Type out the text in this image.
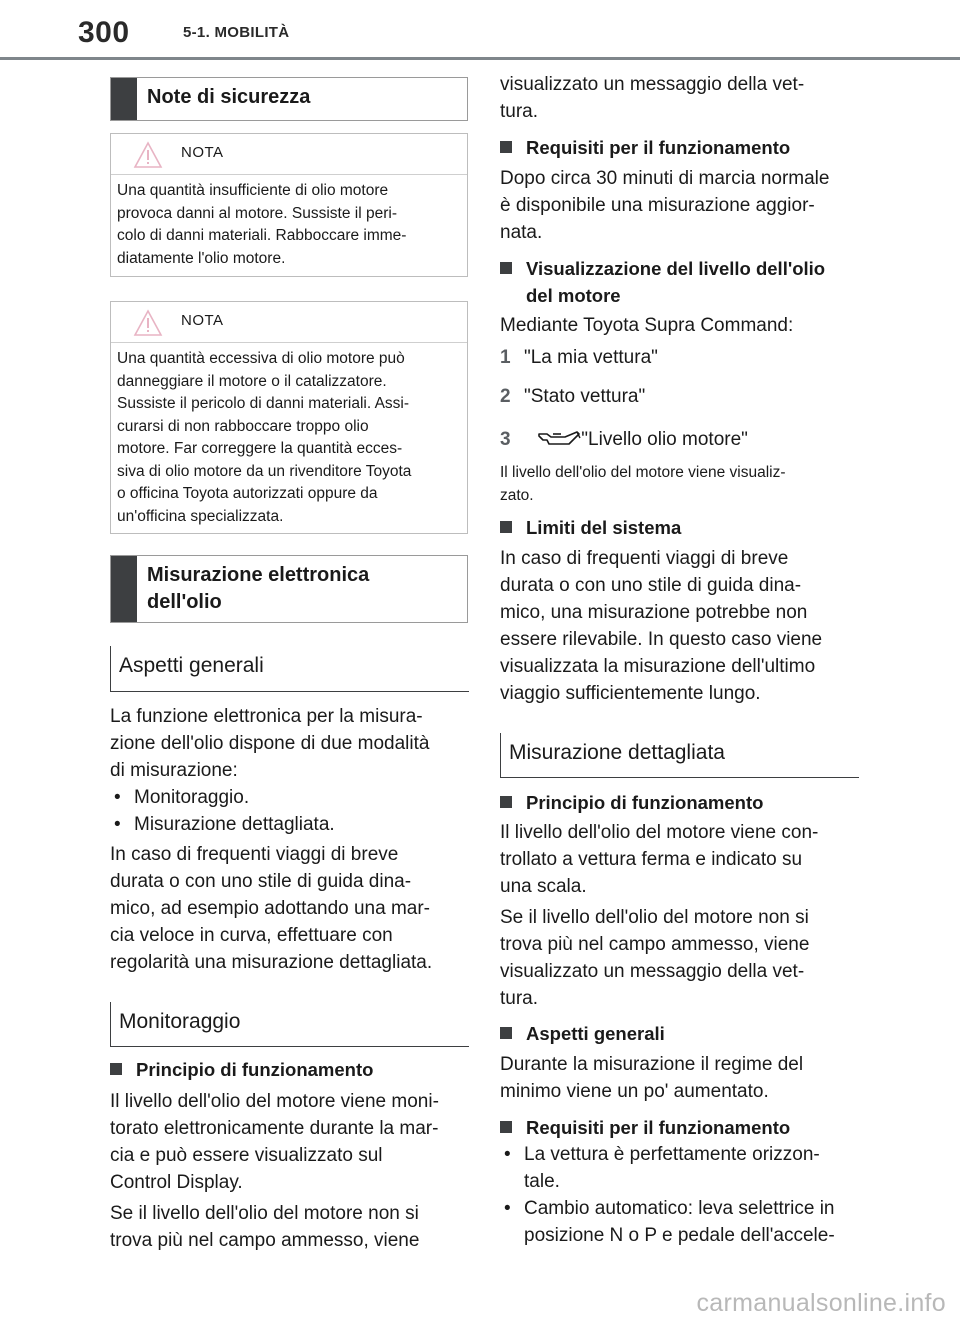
300	5-1. MOBILITÀ
Note di sicurezza
NOTA
Una quantità insufficiente di olio motore
provoca danni al motore. Sussiste il peri-
colo di danni materiali. Rabboccare imme-
diatamente l'olio motore.
NOTA
Una quantità eccessiva di olio motore può
danneggiare il motore o il catalizzatore.
Sussiste il pericolo di danni materiali. Assi-
curarsi di non rabboccare troppo olio
motore. Far correggere la quantità ecces-
siva di olio motore da un rivenditore Toyota
o officina Toyota autorizzati oppure da
un'officina specializzata.
Misurazione elettronica
dell'olio
Aspetti generali
La funzione elettronica per la misura-
zione dell'olio dispone di due modalità
di misurazione:
• Monitoraggio.
• Misurazione dettagliata.
In caso di frequenti viaggi di breve
durata o con uno stile di guida dina-
mico, ad esempio adottando una mar-
cia veloce in curva, effettuare con
regolarità una misurazione dettagliata.
Monitoraggio
Principio di funzionamento
Il livello dell'olio del motore viene moni-
torato elettronicamente durante la mar-
cia e può essere visualizzato sul
Control Display.
Se il livello dell'olio del motore non si
trova più nel campo ammesso, viene
visualizzato un messaggio della vet-
tura.
Requisiti per il funzionamento
Dopo circa 30 minuti di marcia normale
è disponibile una misurazione aggior-
nata.
Visualizzazione del livello dell'olio
del motore
Mediante Toyota Supra Command:
1 "La mia vettura"
2 "Stato vettura"
3	"Livello olio motore"
Il livello dell'olio del motore viene visualiz-
zato.
Limiti del sistema
In caso di frequenti viaggi di breve
durata o con uno stile di guida dina-
mico, una misurazione potrebbe non
essere rilevabile. In questo caso viene
visualizzata la misurazione dell'ultimo
viaggio sufficientemente lungo.
Misurazione dettagliata
Principio di funzionamento
Il livello dell'olio del motore viene con-
trollato a vettura ferma e indicato su
una scala.
Se il livello dell'olio del motore non si
trova più nel campo ammesso, viene
visualizzato un messaggio della vet-
tura.
Aspetti generali
Durante la misurazione il regime del
minimo viene un po' aumentato.
Requisiti per il funzionamento
• La vettura è perfettamente orizzon-
tale.
• Cambio automatico: leva selettrice in
posizione N o P e pedale dell'accele-
carmanualsonline.info
